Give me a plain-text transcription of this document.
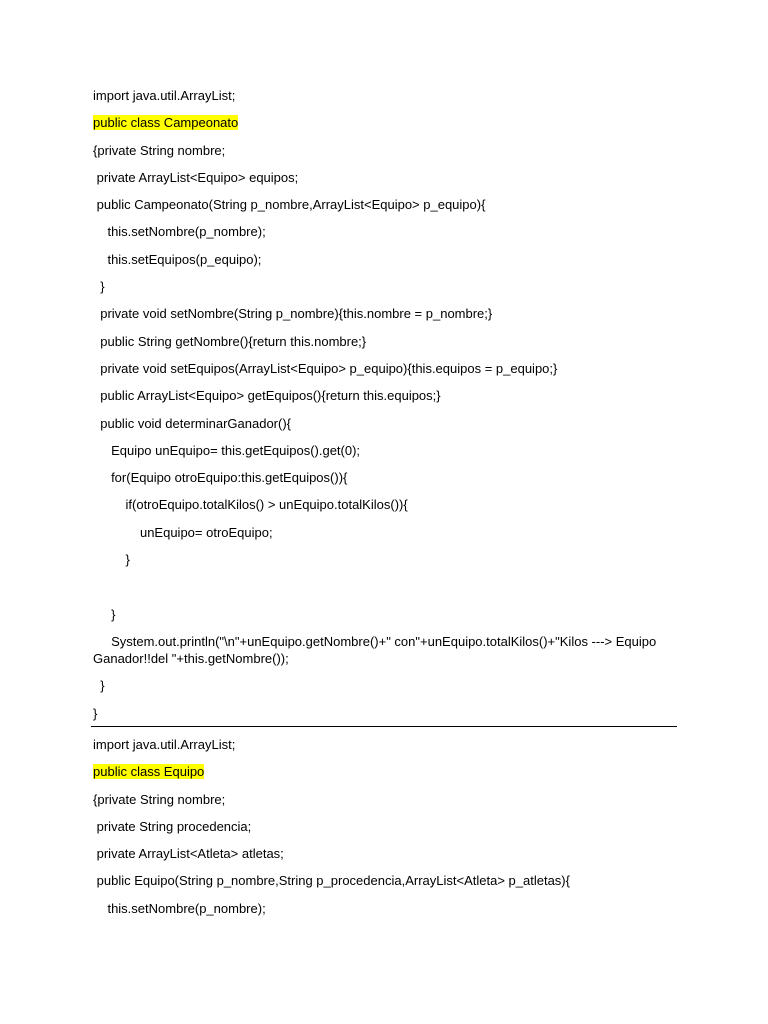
import java.util.ArrayList;
public class Campeonato
{private String nombre;
private ArrayList<Equipo> equipos;
public Campeonato(String p_nombre,ArrayList<Equipo> p_equipo){
this.setNombre(p_nombre);
this.setEquipos(p_equipo);
}
private void setNombre(String p_nombre){this.nombre = p_nombre;}
public String getNombre(){return this.nombre;}
private void setEquipos(ArrayList<Equipo> p_equipo){this.equipos = p_equipo;}
public ArrayList<Equipo> getEquipos(){return this.equipos;}
public void determinarGanador(){
Equipo unEquipo= this.getEquipos().get(0);
for(Equipo otroEquipo:this.getEquipos()){
if(otroEquipo.totalKilos() > unEquipo.totalKilos()){
unEquipo= otroEquipo;
}
}
System.out.println("\n"+unEquipo.getNombre()+" con"+unEquipo.totalKilos()+"Kilos ---> Equipo Ganador!!del "+this.getNombre());
}
}
import java.util.ArrayList;
public class Equipo
{private String nombre;
private String procedencia;
private ArrayList<Atleta> atletas;
public Equipo(String p_nombre,String p_procedencia,ArrayList<Atleta> p_atletas){
this.setNombre(p_nombre);
